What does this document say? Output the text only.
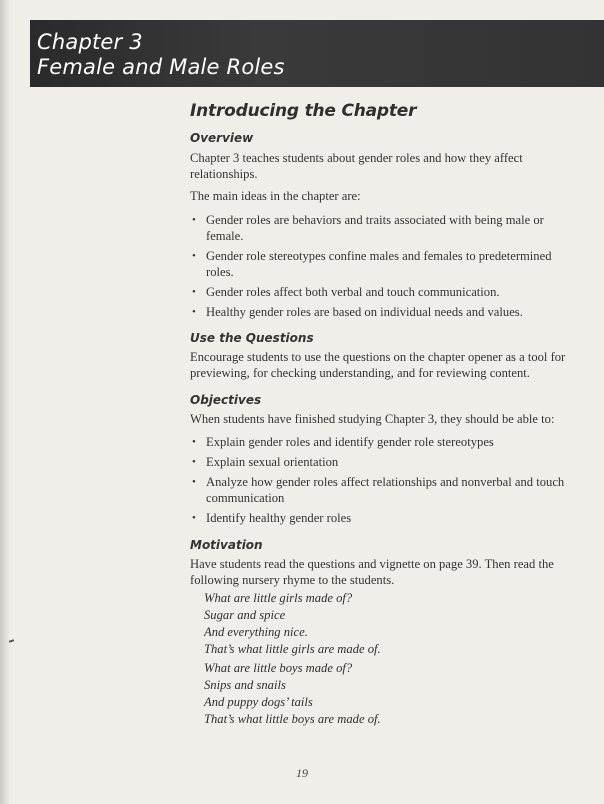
Chapter 3
Female and Male Roles
Introducing the Chapter
Overview
Chapter 3 teaches students about gender roles and how they affect relationships.
The main ideas in the chapter are:
• Gender roles are behaviors and traits associated with being male or female.
• Gender role stereotypes confine males and females to predetermined roles.
• Gender roles affect both verbal and touch communication.
• Healthy gender roles are based on individual needs and values.
Use the Questions
Encourage students to use the questions on the chapter opener as a tool for previewing, for checking understanding, and for reviewing content.
Objectives
When students have finished studying Chapter 3, they should be able to:
• Explain gender roles and identify gender role stereotypes
• Explain sexual orientation
• Analyze how gender roles affect relationships and nonverbal and touch communication
• Identify healthy gender roles
Motivation
Have students read the questions and vignette on page 39. Then read the following nursery rhyme to the students.
What are little girls made of?
Sugar and spice
And everything nice.
That’s what little girls are made of.
What are little boys made of?
Snips and snails
And puppy dogs’ tails
That’s what little boys are made of.
19
